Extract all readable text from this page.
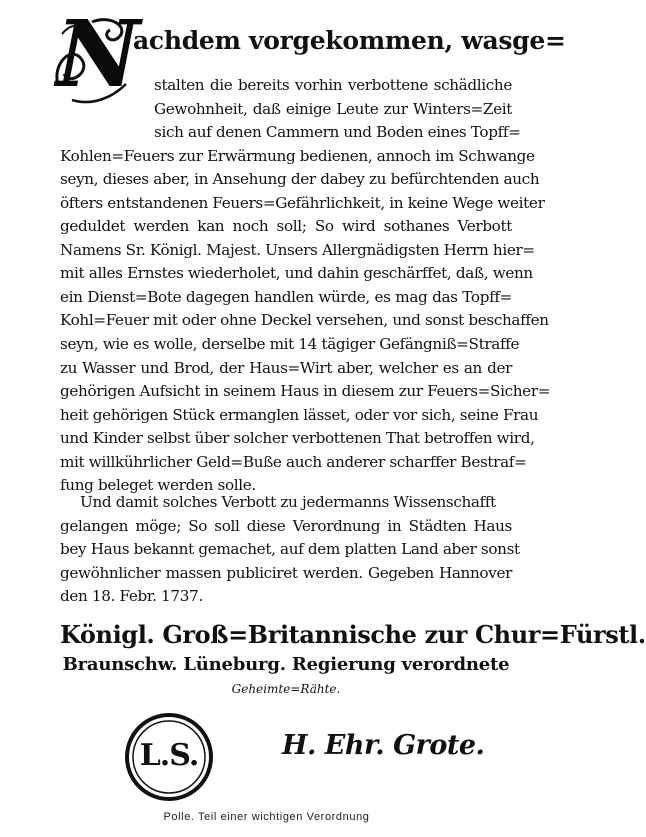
N
achdem vorgekommen, wasge=
stalten die bereits vorhin verbottene schädliche
Gewohnheit, daß einige Leute zur Winters=Zeit
sich auf denen Cammern und Boden eines Topff=
Kohlen=Feuers zur Erwärmung bedienen, annoch im Schwange
seyn, dieses aber, in Ansehung der dabey zu befürchtenden auch
öfters entstandenen Feuers=Gefährlichkeit, in keine Wege weiter
geduldet werden kan noch soll; So wird sothanes Verbott
Namens Sr. Königl. Majest. Unsers Allergnädigsten Herrn hier=
mit alles Ernstes wiederholet, und dahin geschärffet, daß, wenn
ein Dienst=Bote dagegen handlen würde, es mag das Topff=
Kohl=Feuer mit oder ohne Deckel versehen, und sonst beschaffen
seyn, wie es wolle, derselbe mit 14 tägiger Gefängniß=Straffe
zu Wasser und Brod, der Haus=Wirt aber, welcher es an der
gehörigen Aufsicht in seinem Haus in diesem zur Feuers=Sicher=
heit gehörigen Stück ermanglen lässet, oder vor sich, seine Frau
und Kinder selbst über solcher verbottenen That betroffen wird,
mit willkührlicher Geld=Buße auch anderer scharffer Bestraf=
fung beleget werden solle.
Und damit solches Verbott zu jedermanns Wissenschafft
gelangen möge; So soll diese Verordnung in Städten Haus
bey Haus bekannt gemachet, auf dem platten Land aber sonst
gewöhnlicher massen publiciret werden. Gegeben Hannover
den 18. Febr. 1737.
Königl. Groß=Britannische zur Chur=Fürstl.
Braunschw. Lüneburg. Regierung verordnete
Geheimte=Rähte.
L.S.	H. Ehr. Grote.
Polle. Teil einer wichtigen Verordnung
